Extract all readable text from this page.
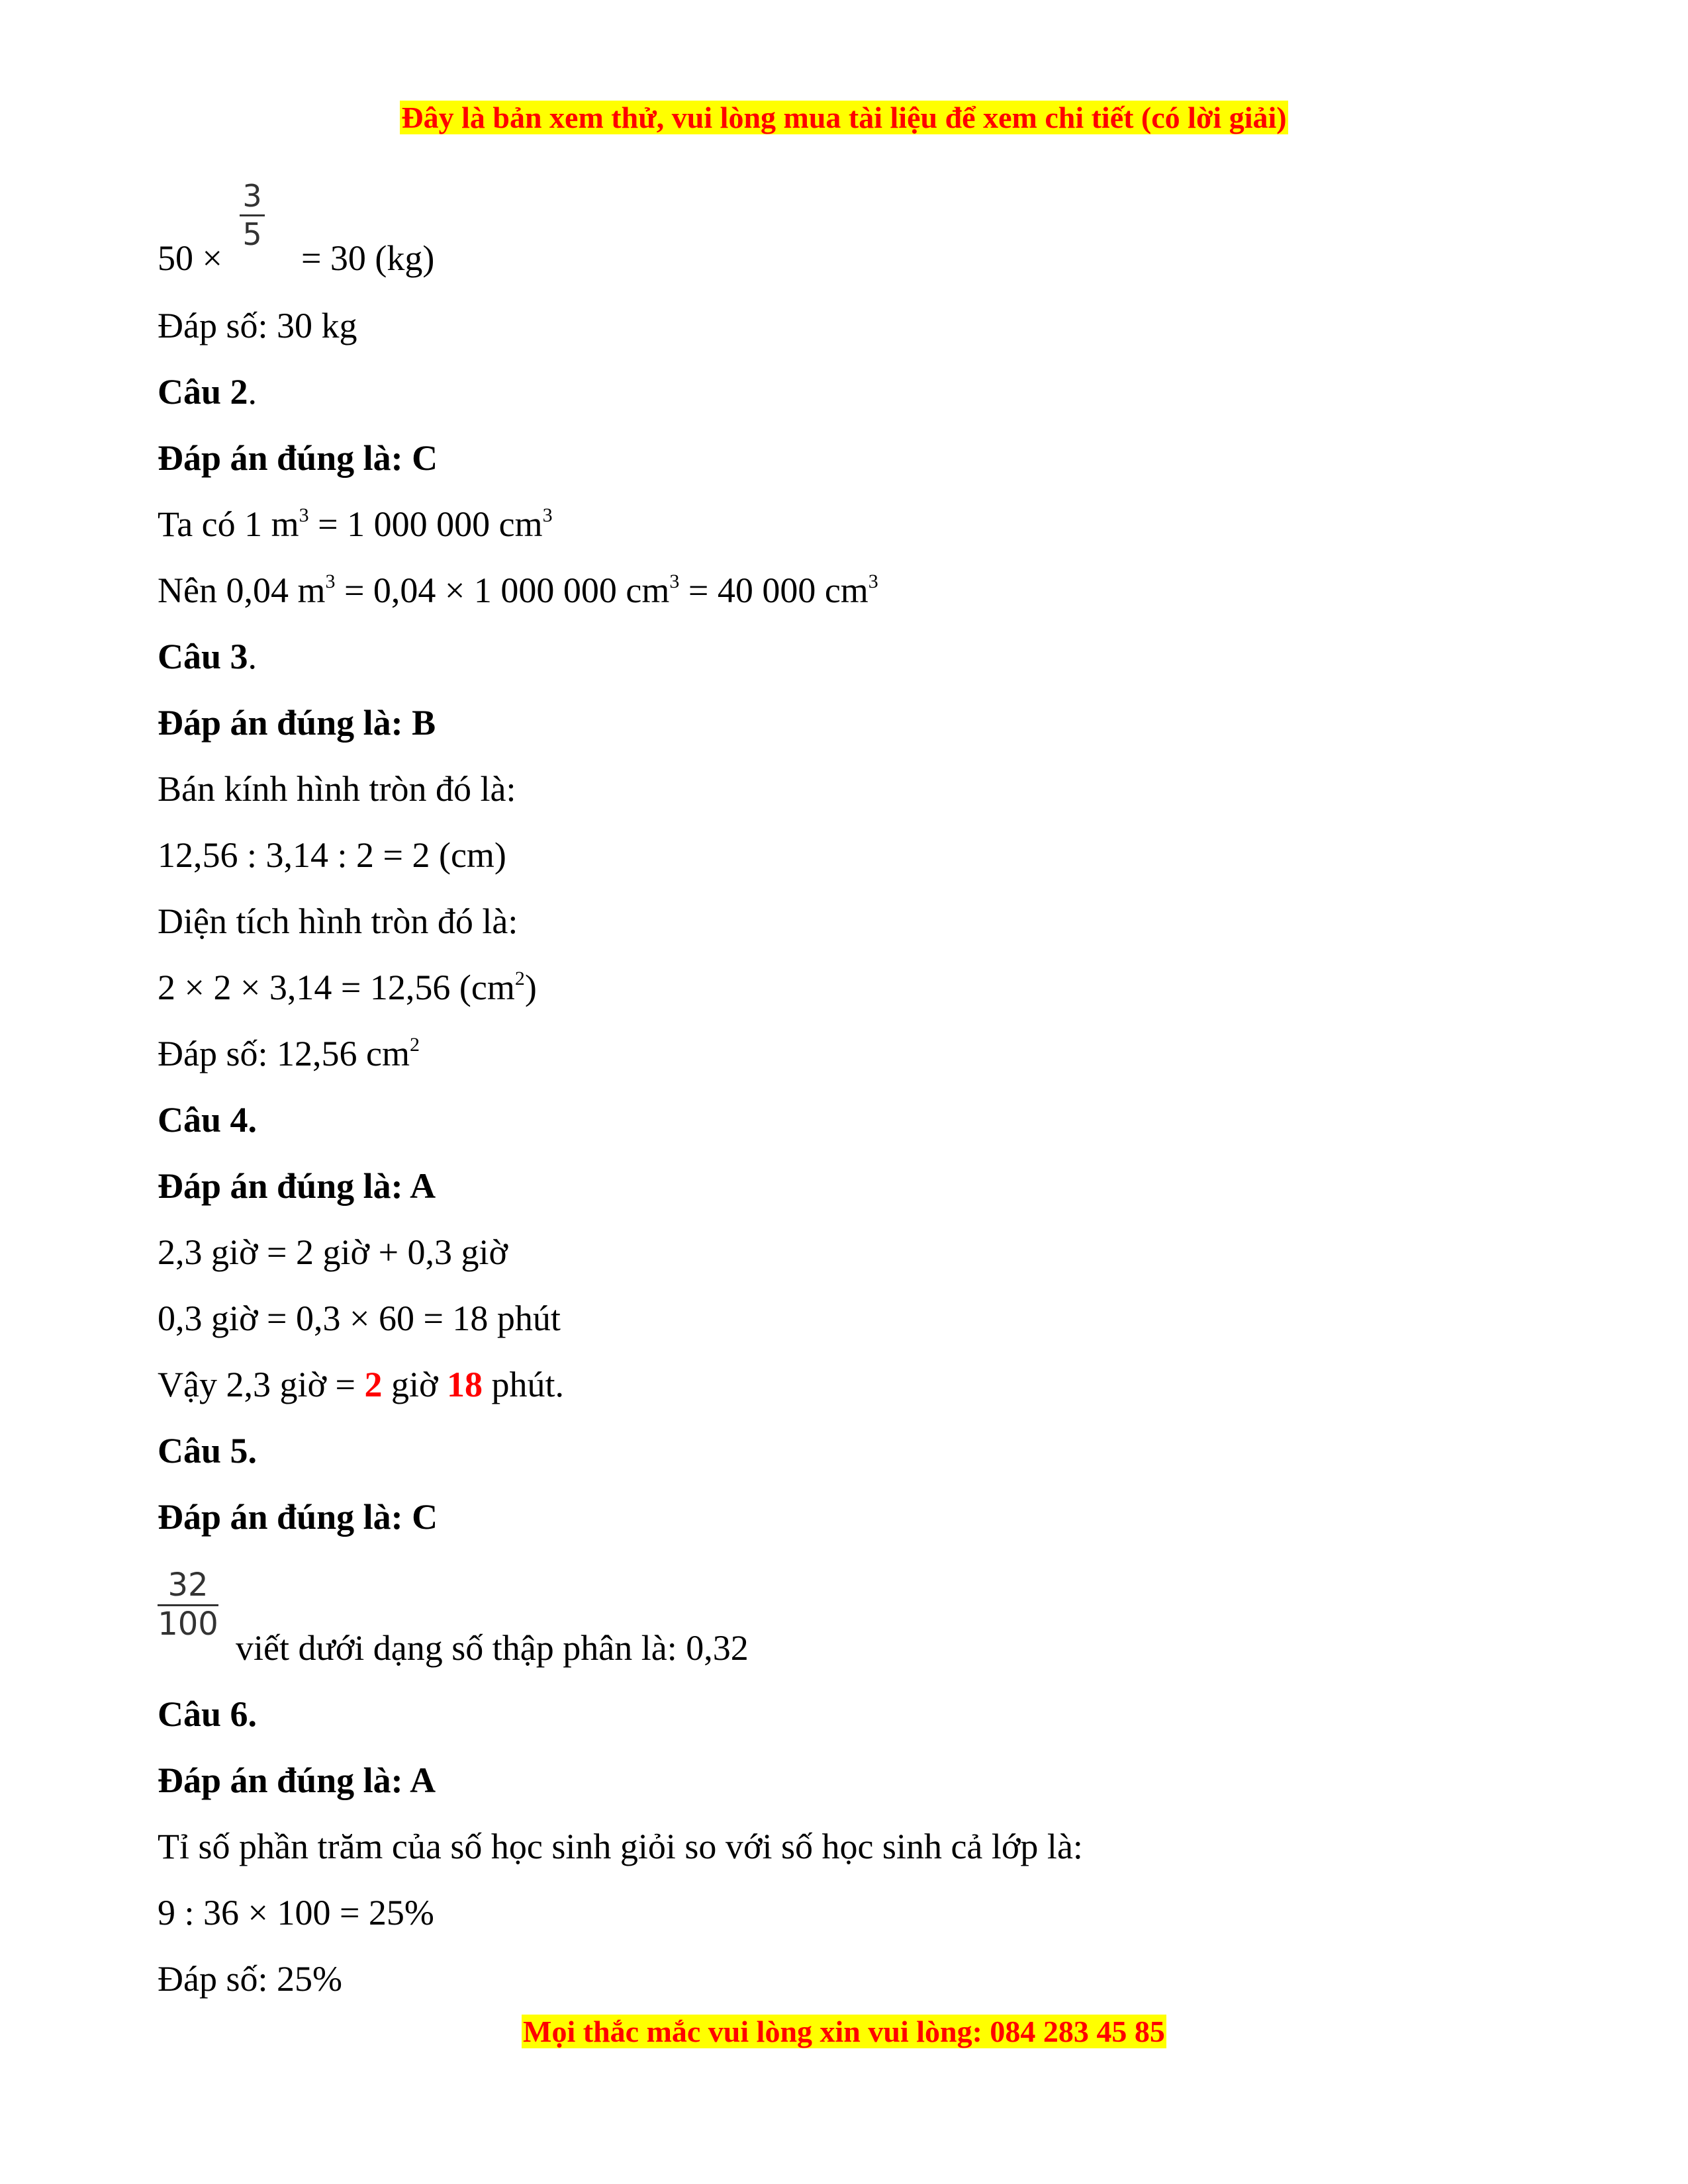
Đây là bản xem thử, vui lòng mua tài liệu để xem chi tiết (có lời giải)
50 × = 30 (kg)
3
5
Đáp số: 30 kg
Câu 2.
Đáp án đúng là: C
Ta có 1 $m^3 = 1$ 000 000 $cm^3$
Nên 0,04 $m^3 = 0,04 \times 1$ 000 000 $cm^3 = 40$ 000 $cm^3$
Câu 3.
Đáp án đúng là: B
Bán kính hình tròn đó là:
12,56 : 3,14 : 2 = 2 (cm)
Diện tích hình tròn đó là:
2 × 2 × 3,14 = 12,56 $(cm^2)$
Đáp số: 12,56 $cm^2$
Câu 4.
Đáp án đúng là: A
2,3 giờ = 2 giờ + 0,3 giờ
0,3 giờ = 0,3 × 60 = 18 phút
Vậy 2,3 giờ = 2 giờ 18 phút.
Câu 5.
Đáp án đúng là: C
32
100
viết dưới dạng số thập phân là: 0,32
Câu 6.
Đáp án đúng là: A
Tỉ số phần trăm của số học sinh giỏi so với số học sinh cả lớp là:
9 : 36 × 100 = 25%
Đáp số: 25%
Mọi thắc mắc vui lòng xin vui lòng: 084 283 45 85
